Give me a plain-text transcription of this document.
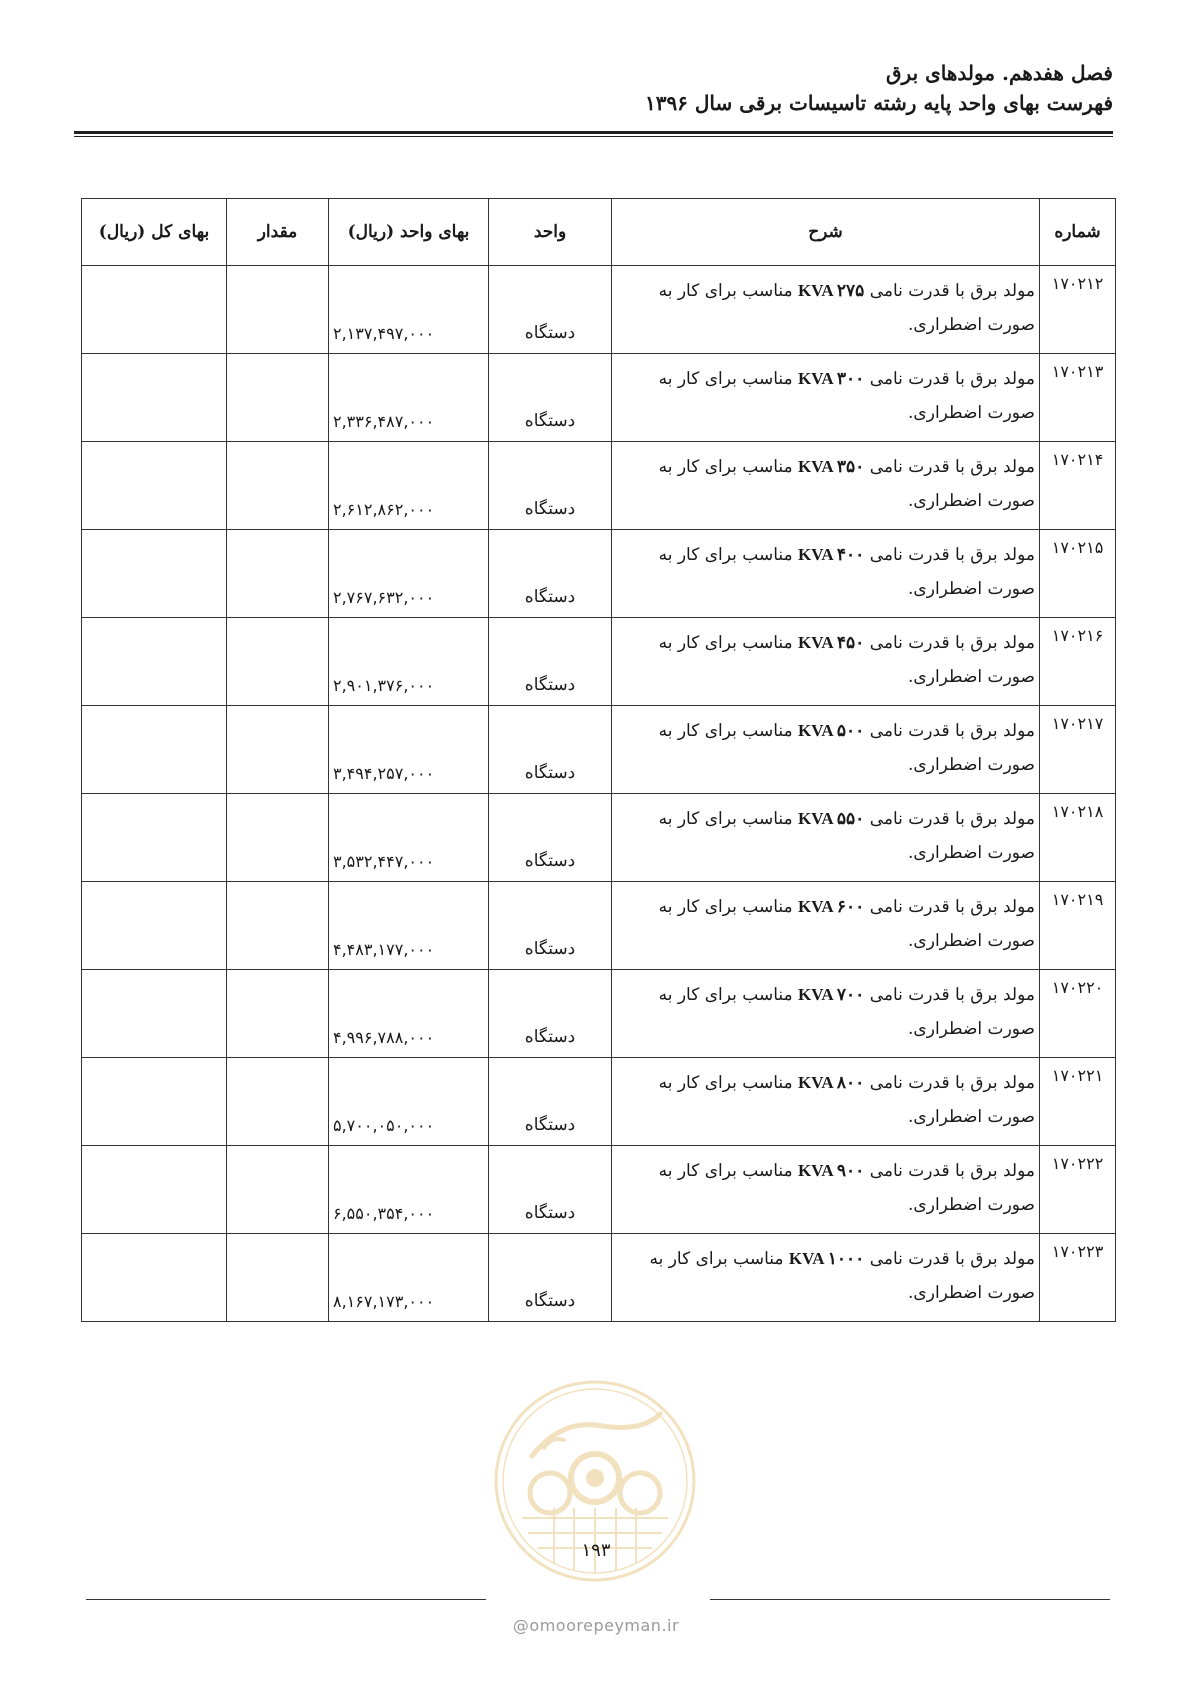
فصل هفدهم. مولدهای برق
فهرست بهای واحد پایه رشته تاسیسات برقی سال ۱۳۹۶
شماره	شرح	واحد	بهای واحد (ریال)	مقدار	بهای کل (ریال)
۱۷۰۲۱۲	مولد برق با قدرت نامی KVA ۲۷۵ مناسب برای کار به
صورت اضطراری.	دستگاه	۲,۱۳۷,۴۹۷,۰۰۰		
۱۷۰۲۱۳	مولد برق با قدرت نامی KVA ۳۰۰ مناسب برای کار به
صورت اضطراری.	دستگاه	۲,۳۳۶,۴۸۷,۰۰۰		
۱۷۰۲۱۴	مولد برق با قدرت نامی KVA ۳۵۰ مناسب برای کار به
صورت اضطراری.	دستگاه	۲,۶۱۲,۸۶۲,۰۰۰		
۱۷۰۲۱۵	مولد برق با قدرت نامی KVA ۴۰۰ مناسب برای کار به
صورت اضطراری.	دستگاه	۲,۷۶۷,۶۳۲,۰۰۰		
۱۷۰۲۱۶	مولد برق با قدرت نامی KVA ۴۵۰ مناسب برای کار به
صورت اضطراری.	دستگاه	۲,۹۰۱,۳۷۶,۰۰۰		
۱۷۰۲۱۷	مولد برق با قدرت نامی KVA ۵۰۰ مناسب برای کار به
صورت اضطراری.	دستگاه	۳,۴۹۴,۲۵۷,۰۰۰		
۱۷۰۲۱۸	مولد برق با قدرت نامی KVA ۵۵۰ مناسب برای کار به
صورت اضطراری.	دستگاه	۳,۵۳۲,۴۴۷,۰۰۰		
۱۷۰۲۱۹	مولد برق با قدرت نامی KVA ۶۰۰ مناسب برای کار به
صورت اضطراری.	دستگاه	۴,۴۸۳,۱۷۷,۰۰۰		
۱۷۰۲۲۰	مولد برق با قدرت نامی KVA ۷۰۰ مناسب برای کار به
صورت اضطراری.	دستگاه	۴,۹۹۶,۷۸۸,۰۰۰		
۱۷۰۲۲۱	مولد برق با قدرت نامی KVA ۸۰۰ مناسب برای کار به
صورت اضطراری.	دستگاه	۵,۷۰۰,۰۵۰,۰۰۰		
۱۷۰۲۲۲	مولد برق با قدرت نامی KVA ۹۰۰ مناسب برای کار به
صورت اضطراری.	دستگاه	۶,۵۵۰,۳۵۴,۰۰۰		
۱۷۰۲۲۳	مولد برق با قدرت نامی KVA ۱۰۰۰ مناسب برای کار به
صورت اضطراری.	دستگاه	۸,۱۶۷,۱۷۳,۰۰۰		
۱۹۳
@omoorepeyman.ir
